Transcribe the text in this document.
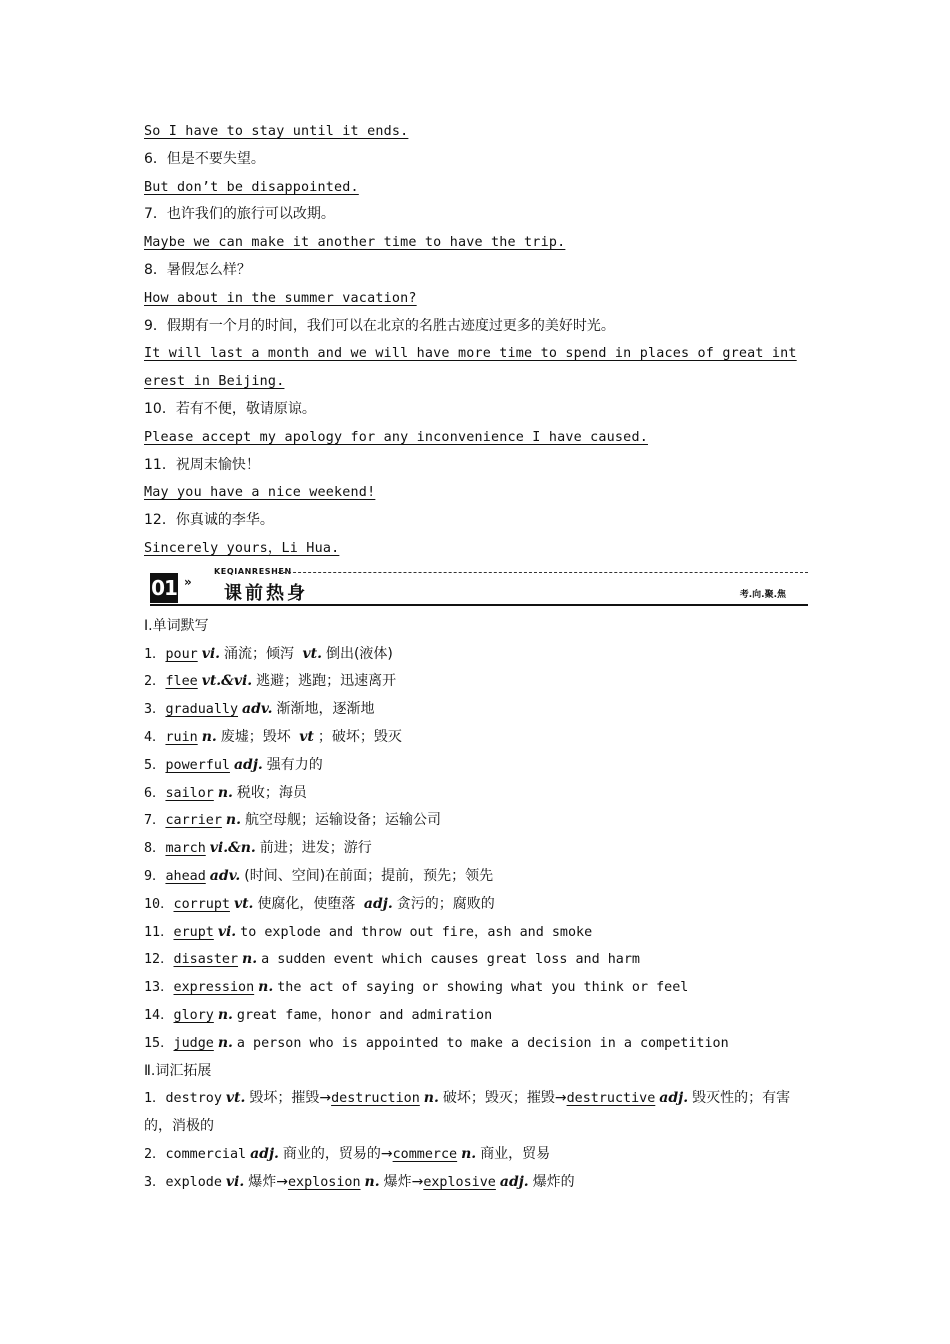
So I have to stay until it ends.
6．但是不要失望。
But don’t be disappointed.
7．也许我们的旅行可以改期。
Maybe we can make it another time to have the trip.
8．暑假怎么样？
How about in the summer vacation?
9．假期有一个月的时间，我们可以在北京的名胜古迹度过更多的美好时光。
It will last a month and we will have more time to spend in places of great int
erest in Beijing.
10．若有不便，敬请原谅。
Please accept my apology for any inconvenience I have caused.
11．祝周末愉快！
May you have a nice weekend!
12．你真诚的李华。
Sincerely yours，Li Hua.
01 »
KEQIANRESHEN
课前热身	考.向.聚.焦
Ⅰ.单词默写
1．pour vi. 涌流；倾泻 vt. 倒出(液体)
2．flee vt.&vi. 逃避；逃跑；迅速离开
3．gradually adv. 渐渐地，逐渐地
4．ruin n. 废墟；毁坏 vt ；破坏；毁灭
5．powerful adj. 强有力的
6．sailor n. 税收；海员
7．carrier n. 航空母舰；运输设备；运输公司
8．march vi.&n. 前进；进发；游行
9．ahead adv. (时间、空间)在前面；提前，预先；领先
10．corrupt vt. 使腐化，使堕落 adj. 贪污的；腐败的
11．erupt vi. to explode and throw out fire，ash and smoke
12．disaster n. a sudden event which causes great loss and harm
13．expression n. the act of saying or showing what you think or feel
14．glory n. great fame，honor and admiration
15．judge n. a person who is appointed to make a decision in a competition
Ⅱ.词汇拓展
1．destroy vt. 毁坏；摧毁→destruction n. 破坏；毁灭；摧毁→destructive adj. 毁灭性的；有害的，消极的
2．commercial adj. 商业的，贸易的→commerce n. 商业，贸易
3．explode vi. 爆炸→explosion n. 爆炸→explosive adj. 爆炸的
